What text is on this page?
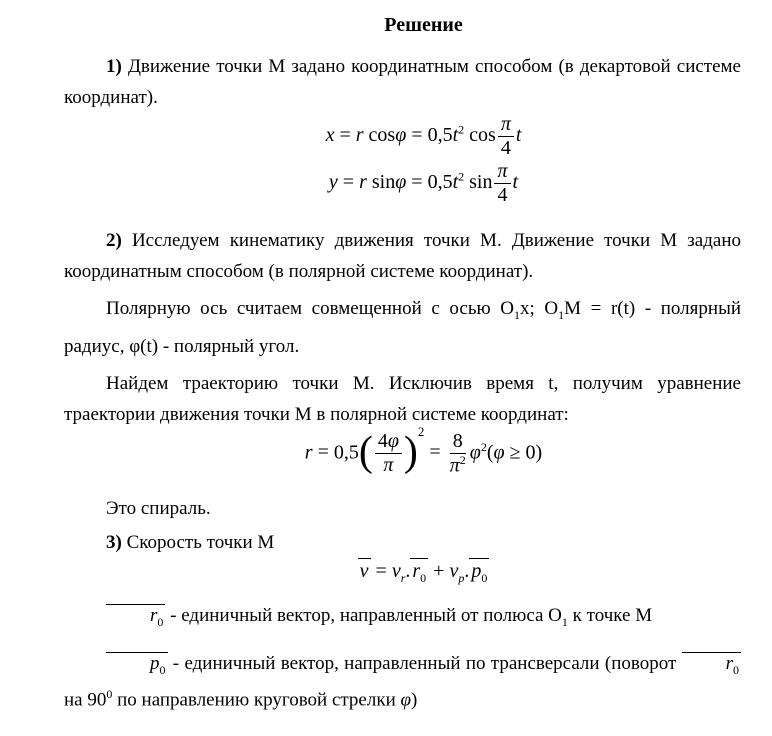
Решение

1) Движение точки М задано координатным способом (в декартовой системе координат).

x = r $\cos\varphi = 0,5t^2$ $\cos \frac{\pi}{4}$ t
y = r $\sin\varphi = 0,5t^2$ $\sin \frac{\pi}{4}$ t

2) Исследуем кинематику движения точки М. Движение точки М задано координатным способом (в полярной системе координат).

Полярную ось считаем совмещенной с осью $O_1x$; $O_1M = r(t)$ - полярный радиус, φ(t) - полярный угол.

Найдем траекторию точки М. Исключив время t, получим уравнение траектории движения точки М в полярной системе координат:

$r = 0,5( \frac{4\varphi}{\pi} )^2= \frac{8}{\pi^2} \varphi^2(\varphi \ge 0)$

Это спираль.

3) Скорость точки М

$v = v_r$. $r_0 + v_p$. $p_0$

$r_0$ - единичный вектор, направленный от полюса $O_1$ к точке М

$p_0$ - единичный вектор, направленный по трансверсали (поворот $r_0$ на $90^0$ по направлению круговой стрелки φ)
